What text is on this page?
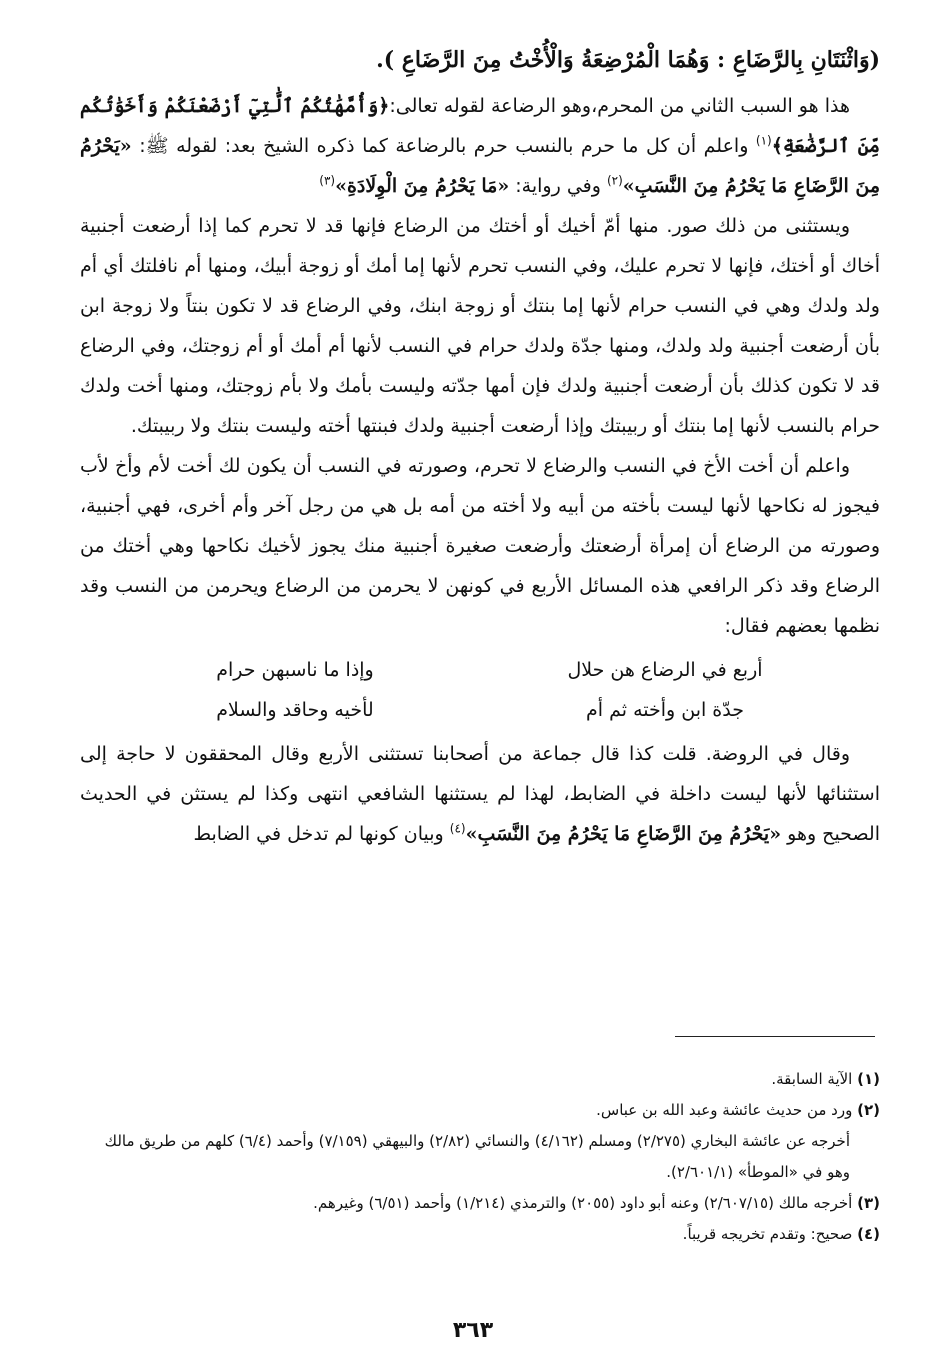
(وَاثْنَتَانِ بِالرَّضَاعِ : وَهُمَا الْمُرْضِعَةُ وَالْأُخْتُ مِنَ الرَّضَاعِ ).

هذا هو السبب الثاني من المحرم،وهو الرضاعة لقوله تعالى:﴿وَأُمَّهَٰتُكُمُ ٱلَّٰتِيٓ أَرْضَعْنَكُمْ وَأَخَوَٰتُكُم مِّنَ ٱلرَّضَٰعَةِ﴾$^{(١)}$ واعلم أن كل ما حرم بالنسب حرم بالرضاعة كما ذكره الشيخ بعد: لقوله ﷺ: «يَحْرُمُ مِنَ الرَّضَاعِ مَا يَحْرُمُ مِنَ النَّسَبِ»$^{(٢)}$ وفي رواية: «مَا يَحْرُمُ مِنَ الْوِلَادَةِ»$^{(٣)}$

ويستثنى من ذلك صور. منها أمّ أخيك أو أختك من الرضاع فإنها قد لا تحرم كما إذا أرضعت أجنبية أخاك أو أختك، فإنها لا تحرم عليك، وفي النسب تحرم لأنها إما أمك أو زوجة أبيك، ومنها أم نافلتك أي أم ولد ولدك وهي في النسب حرام لأنها إما بنتك أو زوجة ابنك، وفي الرضاع قد لا تكون بنتاً ولا زوجة ابن بأن أرضعت أجنبية ولد ولدك، ومنها جدّة ولدك حرام في النسب لأنها أم أمك أو أم زوجتك، وفي الرضاع قد لا تكون كذلك بأن أرضعت أجنبية ولدك فإن أمها جدّته وليست بأمك ولا بأم زوجتك، ومنها أخت ولدك حرام بالنسب لأنها إما بنتك أو ربيبتك وإذا أرضعت أجنبية ولدك فبنتها أخته وليست بنتك ولا ربيبتك.

واعلم أن أخت الأخ في النسب والرضاع لا تحرم، وصورته في النسب أن يكون لك أخت لأم وأخ لأب فيجوز له نكاحها لأنها ليست بأخته من أبيه ولا أخته من أمه بل هي من رجل آخر وأم أخرى، فهي أجنبية، وصورته من الرضاع أن إمرأة أرضعتك وأرضعت صغيرة أجنبية منك يجوز لأخيك نكاحها وهي أختك من الرضاع وقد ذكر الرافعي هذه المسائل الأربع في كونهن لا يحرمن من الرضاع ويحرمن من النسب وقد نظمها بعضهم فقال:

أربع في الرضاع هن حلال
وإذا ما ناسبهن حرام
جدّة ابن وأخته ثم أم
لأخيه وحاقد والسلام

وقال في الروضة. قلت كذا قال جماعة من أصحابنا تستثنى الأربع وقال المحققون لا حاجة إلى استثنائها لأنها ليست داخلة في الضابط، لهذا لم يستثنها الشافعي انتهى وكذا لم يستثن في الحديث الصحيح وهو «يَحْرُمُ مِنَ الرَّضَاعِ مَا يَحْرُمُ مِنَ النَّسَبِ»$^{(٤)}$ وبيان كونها لم تدخل في الضابط

(١) الآية السابقة.

(٢) ورد من حديث عائشة وعبد الله بن عباس.

أخرجه عن عائشة البخاري (٢/٢٧٥) ومسلم (٤/١٦٢) والنسائي (٢/٨٢) والبيهقي (٧/١٥٩) وأحمد (٦/٤) كلهم من طريق مالك وهو في «الموطأ» (٢/٦٠١/١).

(٣) أخرجه مالك (٢/٦٠٧/١٥) وعنه أبو داود (٢٠٥٥) والترمذي (١/٢١٤) وأحمد (٦/٥١) وغيرهم.

(٤) صحيح: وتقدم تخريجه قريباً.

٣٦٣
